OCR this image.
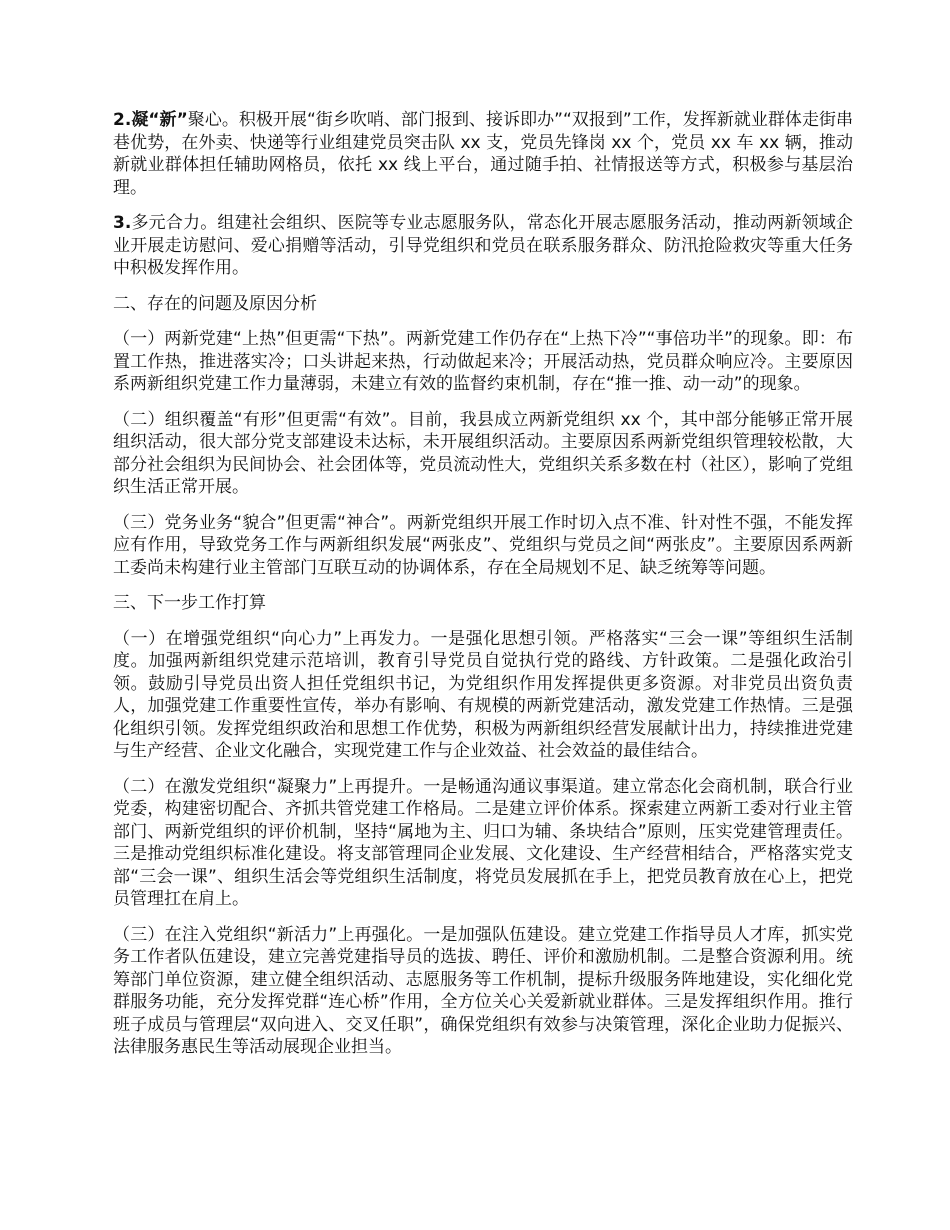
2.凝“新”聚心。积极开展“街乡吹哨、部门报到、接诉即办”“双报到”工作，发挥新就业群体走街串巷优势，在外卖、快递等行业组建党员突击队 xx 支，党员先锋岗 xx 个，党员 xx 车 xx 辆，推动新就业群体担任辅助网格员，依托 xx 线上平台，通过随手拍、社情报送等方式，积极参与基层治理。

3.多元合力。组建社会组织、医院等专业志愿服务队，常态化开展志愿服务活动，推动两新领域企业开展走访慰问、爱心捐赠等活动，引导党组织和党员在联系服务群众、防汛抢险救灾等重大任务中积极发挥作用。

二、存在的问题及原因分析

（一）两新党建“上热”但更需“下热”。两新党建工作仍存在“上热下冷”“事倍功半”的现象。即：布置工作热，推进落实冷；口头讲起来热，行动做起来冷；开展活动热，党员群众响应冷。主要原因系两新组织党建工作力量薄弱，未建立有效的监督约束机制，存在“推一推、动一动”的现象。

（二）组织覆盖“有形”但更需“有效”。目前，我县成立两新党组织 xx 个，其中部分能够正常开展组织活动，很大部分党支部建设未达标，未开展组织活动。主要原因系两新党组织管理较松散，大部分社会组织为民间协会、社会团体等，党员流动性大，党组织关系多数在村（社区），影响了党组织生活正常开展。

（三）党务业务“貌合”但更需“神合”。两新党组织开展工作时切入点不准、针对性不强，不能发挥应有作用，导致党务工作与两新组织发展“两张皮”、党组织与党员之间“两张皮”。主要原因系两新工委尚未构建行业主管部门互联互动的协调体系，存在全局规划不足、缺乏统筹等问题。

三、下一步工作打算

（一）在增强党组织“向心力”上再发力。一是强化思想引领。严格落实“三会一课”等组织生活制度。加强两新组织党建示范培训，教育引导党员自觉执行党的路线、方针政策。二是强化政治引领。鼓励引导党员出资人担任党组织书记，为党组织作用发挥提供更多资源。对非党员出资负责人，加强党建工作重要性宣传，举办有影响、有规模的两新党建活动，激发党建工作热情。三是强化组织引领。发挥党组织政治和思想工作优势，积极为两新组织经营发展献计出力，持续推进党建与生产经营、企业文化融合，实现党建工作与企业效益、社会效益的最佳结合。

（二）在激发党组织“凝聚力”上再提升。一是畅通沟通议事渠道。建立常态化会商机制，联合行业党委，构建密切配合、齐抓共管党建工作格局。二是建立评价体系。探索建立两新工委对行业主管部门、两新党组织的评价机制，坚持“属地为主、归口为辅、条块结合”原则，压实党建管理责任。三是推动党组织标准化建设。将支部管理同企业发展、文化建设、生产经营相结合，严格落实党支部“三会一课”、组织生活会等党组织生活制度，将党员发展抓在手上，把党员教育放在心上，把党员管理扛在肩上。

（三）在注入党组织“新活力”上再强化。一是加强队伍建设。建立党建工作指导员人才库，抓实党务工作者队伍建设，建立完善党建指导员的选拔、聘任、评价和激励机制。二是整合资源利用。统筹部门单位资源，建立健全组织活动、志愿服务等工作机制，提标升级服务阵地建设，实化细化党群服务功能，充分发挥党群“连心桥”作用，全方位关心关爱新就业群体。三是发挥组织作用。推行班子成员与管理层“双向进入、交叉任职”，确保党组织有效参与决策管理，深化企业助力促振兴、法律服务惠民生等活动展现企业担当。
